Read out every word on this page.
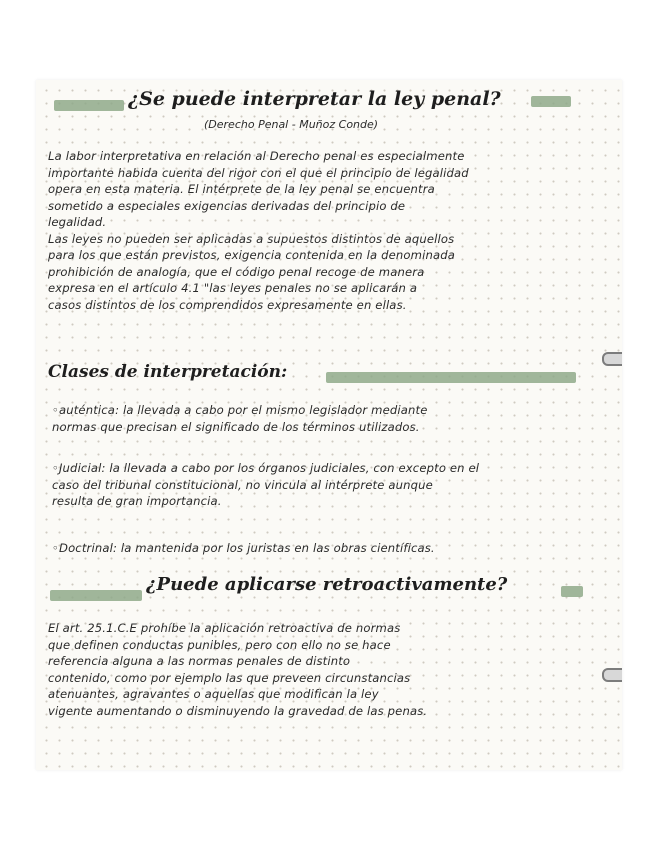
¿Se puede interpretar la ley penal?
(Derecho Penal - Muñoz Conde)
La labor interpretativa en relación al Derecho penal es especialmente
importante habida cuenta del rigor con el que el principio de legalidad
opera en esta materia. El intérprete de la ley penal se encuentra
sometido a especiales exigencias derivadas del principio de
legalidad.
Las leyes no pueden ser aplicadas a supuestos distintos de aquellos
para los que están previstos, exigencia contenida en la denominada
prohibición de analogía, que el código penal recoge de manera
expresa en el artículo 4.1 "las leyes penales no se aplicarán a
casos distintos de los comprendidos expresamente en ellas.
Clases de interpretación:
◦auténtica: la llevada a cabo por el mismo legislador mediante
normas que precisan el significado de los términos utilizados.
◦Judicial: la llevada a cabo por los órganos judiciales, con excepto en el
caso del tribunal constitucional, no vincula al intérprete aunque
resulta de gran importancia.
◦Doctrinal: la mantenida por los juristas en las obras científicas.
¿Puede aplicarse retroactivamente?
El art. 25.1.C.E prohíbe la aplicación retroactiva de normas
que definen conductas punibles, pero con ello no se hace
referencia alguna a las normas penales de distinto
contenido, como por ejemplo las que preveen circunstancias
atenuantes, agravantes o aquellas que modifican la ley
vigente aumentando o disminuyendo la gravedad de las penas.
